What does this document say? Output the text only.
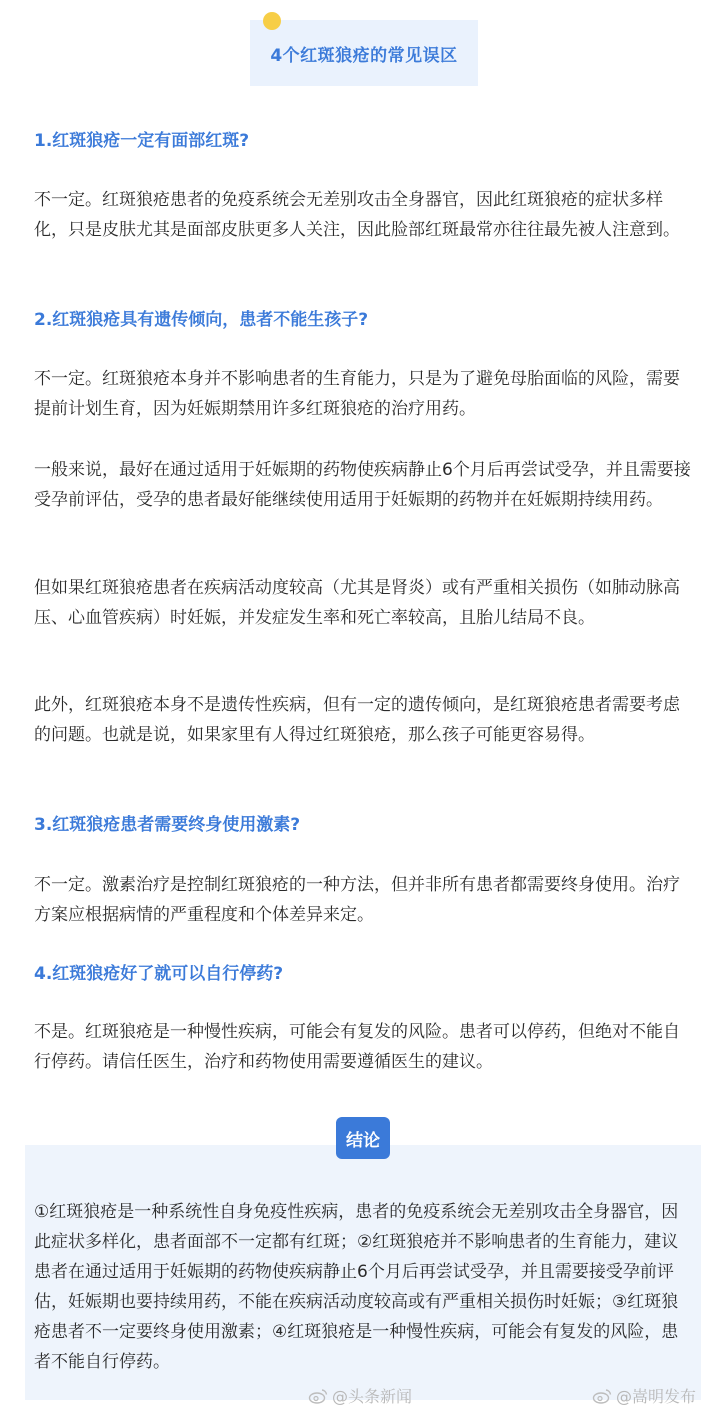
4个红斑狼疮的常见误区
1.红斑狼疮一定有面部红斑?
不一定。红斑狼疮患者的免疫系统会无差别攻击全身器官，因此红斑狼疮的症状多样化，只是皮肤尤其是面部皮肤更多人关注，因此脸部红斑最常亦往往最先被人注意到。
2.红斑狼疮具有遗传倾向，患者不能生孩子?
不一定。红斑狼疮本身并不影响患者的生育能力，只是为了避免母胎面临的风险，需要提前计划生育，因为妊娠期禁用许多红斑狼疮的治疗用药。
一般来说，最好在通过适用于妊娠期的药物使疾病静止6个月后再尝试受孕，并且需要接受孕前评估，受孕的患者最好能继续使用适用于妊娠期的药物并在妊娠期持续用药。
但如果红斑狼疮患者在疾病活动度较高（尤其是肾炎）或有严重相关损伤（如肺动脉高压、心血管疾病）时妊娠，并发症发生率和死亡率较高，且胎儿结局不良。
此外，红斑狼疮本身不是遗传性疾病，但有一定的遗传倾向，是红斑狼疮患者需要考虑的问题。也就是说，如果家里有人得过红斑狼疮，那么孩子可能更容易得。
3.红斑狼疮患者需要终身使用激素?
不一定。激素治疗是控制红斑狼疮的一种方法，但并非所有患者都需要终身使用。治疗方案应根据病情的严重程度和个体差异来定。
4.红斑狼疮好了就可以自行停药?
不是。红斑狼疮是一种慢性疾病，可能会有复发的风险。患者可以停药，但绝对不能自行停药。请信任医生，治疗和药物使用需要遵循医生的建议。
结论
①红斑狼疮是一种系统性自身免疫性疾病，患者的免疫系统会无差别攻击全身器官，因此症状多样化，患者面部不一定都有红斑；②红斑狼疮并不影响患者的生育能力，建议患者在通过适用于妊娠期的药物使疾病静止6个月后再尝试受孕，并且需要接受孕前评估，妊娠期也要持续用药，不能在疾病活动度较高或有严重相关损伤时妊娠；③红斑狼疮患者不一定要终身使用激素；④红斑狼疮是一种慢性疾病，可能会有复发的风险，患者不能自行停药。
@头条新闻	@嵩明发布
